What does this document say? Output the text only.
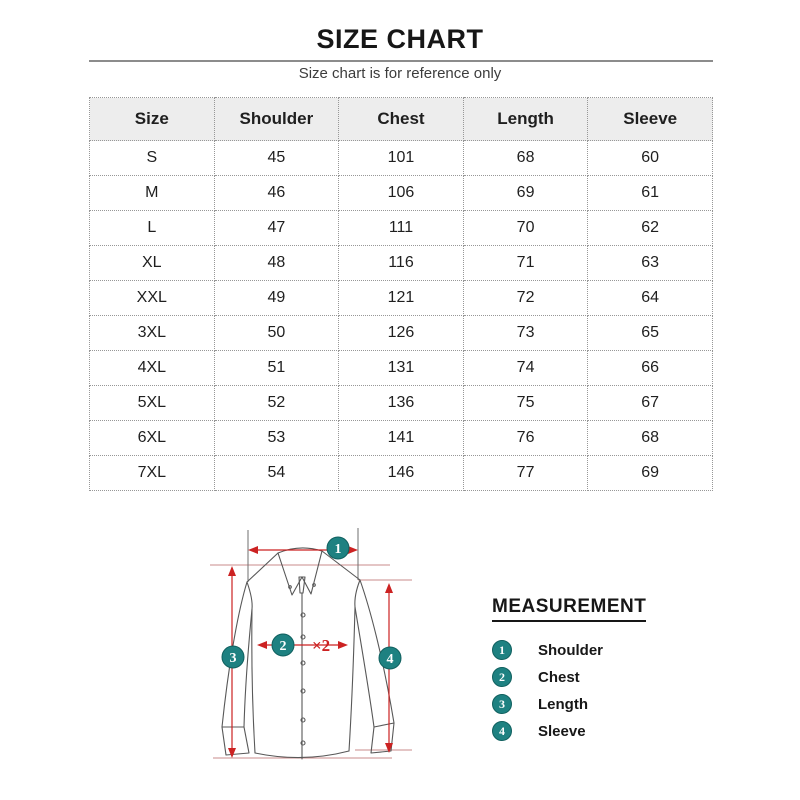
SIZE CHART
Size chart is for reference only
Size	Shoulder	Chest	Length	Sleeve
S	45	101	68	60
M	46	106	69	61
L	47	111	70	62
XL	48	116	71	63
XXL	49	121	72	64
3XL	50	126	73	65
4XL	51	131	74	66
5XL	52	136	75	67
6XL	53	141	76	68
7XL	54	146	77	69
×2
1
2
3	4
MEASUREMENT
1	Shoulder
2	Chest
3	Length
4	Sleeve
